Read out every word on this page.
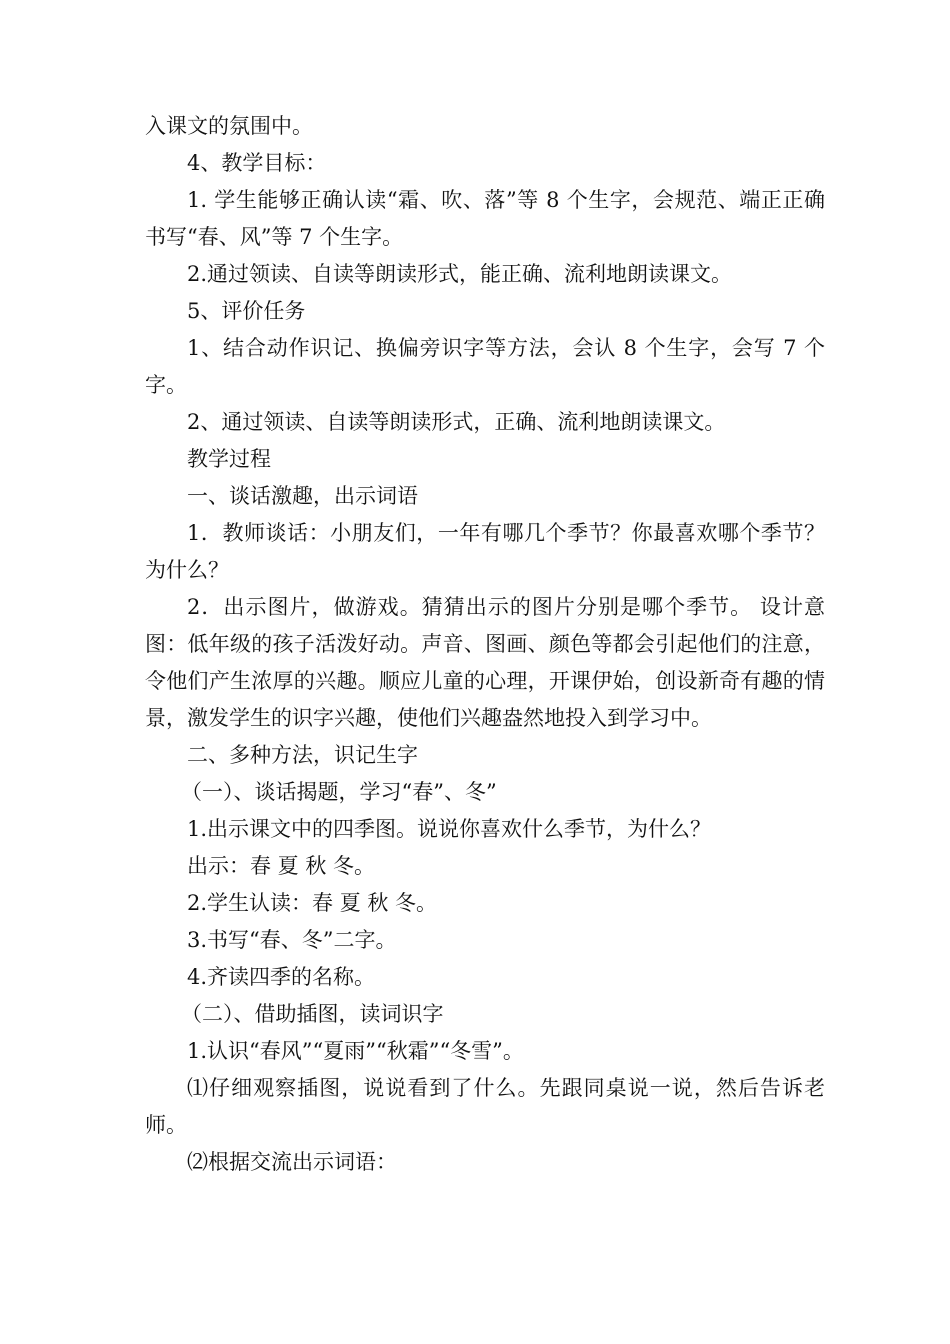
入课文的氛围中。

4、教学目标：

1. 学生能够正确认读“霜、吹、落”等 8 个生字，会规范、端正正确书写“春、风”等 7 个生字。

2.通过领读、自读等朗读形式，能正确、流利地朗读课文。

5、评价任务

1、结合动作识记、换偏旁识字等方法，会认 8 个生字，会写 7 个字。

2、通过领读、自读等朗读形式，正确、流利地朗读课文。

教学过程

一、谈话激趣，出示词语

1．教师谈话：小朋友们，一年有哪几个季节？你最喜欢哪个季节？为什么？

2．出示图片，做游戏。猜猜出示的图片分别是哪个季节。 设计意图：低年级的孩子活泼好动。声音、图画、颜色等都会引起他们的注意，令他们产生浓厚的兴趣。顺应儿童的心理，开课伊始，创设新奇有趣的情景，激发学生的识字兴趣，使他们兴趣盎然地投入到学习中。

二、多种方法，识记生字

（一）、谈话揭题，学习“春”、冬”

1.出示课文中的四季图。说说你喜欢什么季节，为什么？

出示：春 夏 秋 冬。

2.学生认读：春 夏 秋 冬。

3.书写“春、冬”二字。

4.齐读四季的名称。

（二）、借助插图，读词识字

1.认识“春风”“夏雨”“秋霜”“冬雪”。

⑴仔细观察插图，说说看到了什么。先跟同桌说一说，然后告诉老师。

⑵根据交流出示词语：
